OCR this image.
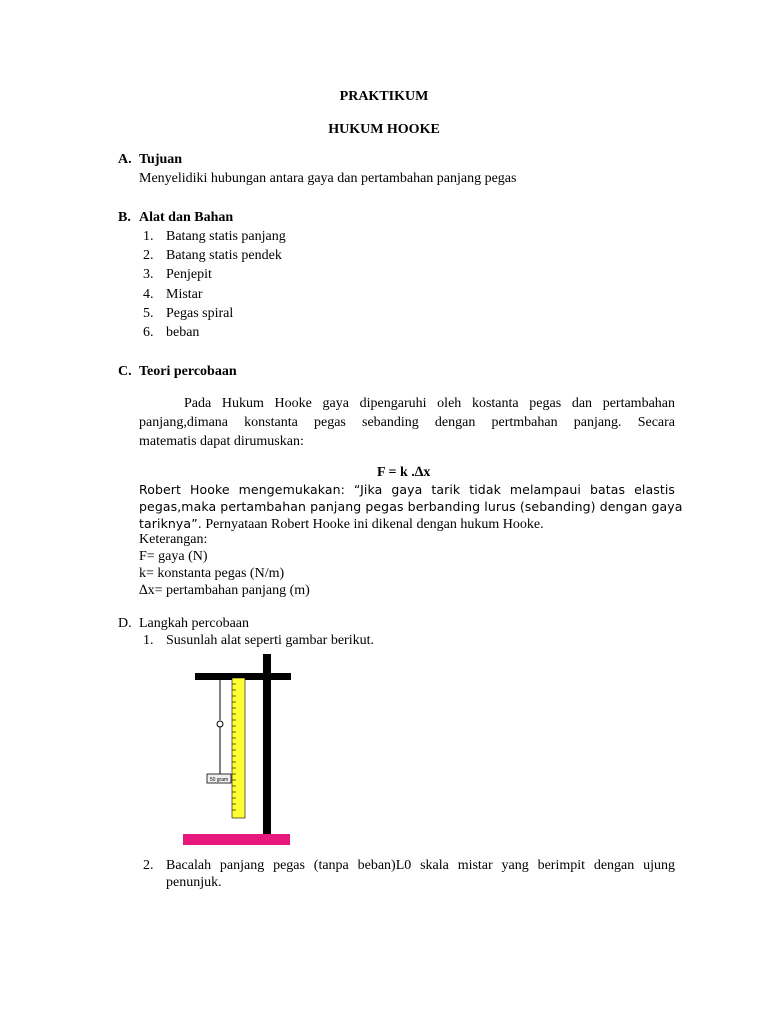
PRAKTIKUM
HUKUM HOOKE
A. Tujuan
Menyelidiki hubungan antara gaya dan pertambahan panjang pegas
B. Alat dan Bahan
1. Batang statis panjang
2. Batang statis pendek
3. Penjepit
4. Mistar
5. Pegas spiral
6. beban
C. Teori percobaan
Pada Hukum Hooke gaya dipengaruhi oleh kostanta pegas dan pertambahan
panjang,dimana konstanta pegas sebanding dengan pertmbahan panjang. Secara
matematis dapat dirumuskan:
F = k .∆x
Robert Hooke mengemukakan: “Jika gaya tarik tidak melampaui batas elastis
pegas,maka pertambahan panjang pegas berbanding lurus (sebanding) dengan gaya
tariknya”. Pernyataan Robert Hooke ini dikenal dengan hukum Hooke.
Keterangan:
F= gaya (N)
k= konstanta pegas (N/m)
∆x= pertambahan panjang (m)
D. Langkah percobaan
1. Susunlah alat seperti gambar berikut.
50 gram
2. Bacalah panjang pegas (tanpa beban)L0 skala mistar yang berimpit dengan ujung
penunjuk.
